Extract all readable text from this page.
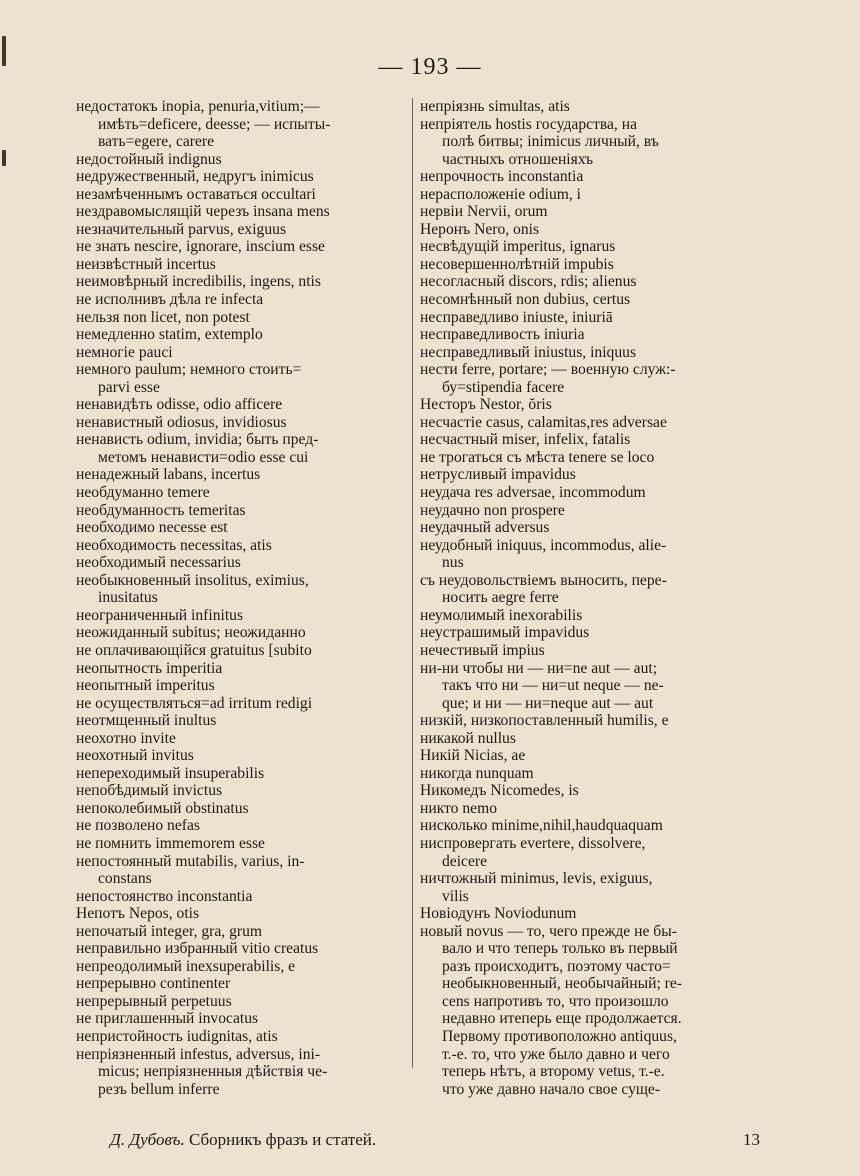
— 193 —
недостатокъ inopia, penuria,vitium;—
имѣть=deficere, deesse; — испыты-
вать=egere, carere
недостойный indignus
недружественный, недругъ inimicus
незамѣченнымъ оставаться occultari
нездравомыслящій черезъ insana mens
незначительный parvus, exiguus
не знать nescire, ignorare, inscium esse
неизвѣстный incertus
неимовѣрный incredibilis, ingens, ntis
не исполнивъ дѣла re infecta
нельзя non licet, non potest
немедленно statim, extemplo
немногіе pauci
немного paulum; немного стоить=
parvi esse
ненавидѣть odisse, odio afficere
ненавистный odiosus, invidiosus
ненависть odium, invidia; быть пред-
метомъ ненависти=odio esse cui
ненадежный labans, incertus
необдуманно temere
необдуманность temeritas
необходимо necesse est
необходимость necessitas, atis
необходимый necessarius
необыкновенный insolitus, eximius,
inusitatus
неограниченный infinitus
неожиданный subitus; неожиданно
не оплачивающійся gratuitus [subito
неопытность imperitia
неопытный imperitus
не осуществляться=ad irritum redigi
неотмщенный inultus
неохотно invite
неохотный invitus
непереходимый insuperabilis
непобѣдимый invictus
непоколебимый obstinatus
не позволено nefas
не помнить immemorem esse
непостоянный mutabilis, varius, in-
constans
непостоянство inconstantia
Непотъ Nepos, otis
непочатый integer, gra, grum
неправильно избранный vitio creatus
непреодолимый inexsuperabilis, e
непрерывно continenter
непрерывный perpetuus
не приглашенный invocatus
непристойность iudignitas, atis
непріязненный infestus, adversus, ini-
micus; непріязненныя дѣйствія че-
резъ bellum inferre
непріязнь simultas, atis
непріятель hostis государства, на
полѣ битвы; inimicus личный, въ
частныхъ отношеніяхъ
непрочность inconstantia
нерасположеніе odium, i
нервіи Nervii, orum
Неронъ Nero, onis
несвѣдущій imperitus, ignarus
несовершеннолѣтній impubis
несогласный discors, rdis; alienus
несомнѣнный non dubius, certus
несправедливо iniuste, iniuriā
несправедливость iniuria
несправедливый iniustus, iniquus
нести ferre, portare; — военную служ:-
бу=stipendia facere
Несторъ Nestor, ŏris
несчастіе casus, calamitas,res adversae
несчастный miser, infelix, fatalis
не трогаться съ мѣста tenere se loco
нетрусливый impavidus
неудача res adversae, incommodum
неудачно non prospere
неудачный adversus
неудобный iniquus, incommodus, alie-
nus
съ неудовольствіемъ выносить, пере-
носить aegre ferre
неумолимый inexorabilis
неустрашимый impavidus
нечестивый impius
ни-ни чтобы ни — ни=ne aut — aut;
такъ что ни — ни=ut neque — ne-
que; и ни — ни=neque aut — aut
низкій, низкопоставленный humilis, e
никакой nullus
Никій Nicias, ae
никогда nunquam
Никомедъ Nicomedes, is
никто nemo
нисколько minime,nihil,haudquaquam
ниспровергать evertere, dissolvere,
deicere
ничтожный minimus, levis, exiguus,
vilis
Новіодунъ Noviodunum
новый novus — то, чего прежде не бы-
вало и что теперь только въ первый
разъ происходитъ, поэтому часто=
необыкновенный, необычайный; re-
cens напротивъ то, что произошло
недавно итеперь еще продолжается.
Первому противоположно antiquus,
т.-е. то, что уже было давно и чего
теперь нѣтъ, а второму vetus, т.-е.
что уже давно начало свое суще-
Д. Дубовъ. Сборникъ фразъ и статей.	13
